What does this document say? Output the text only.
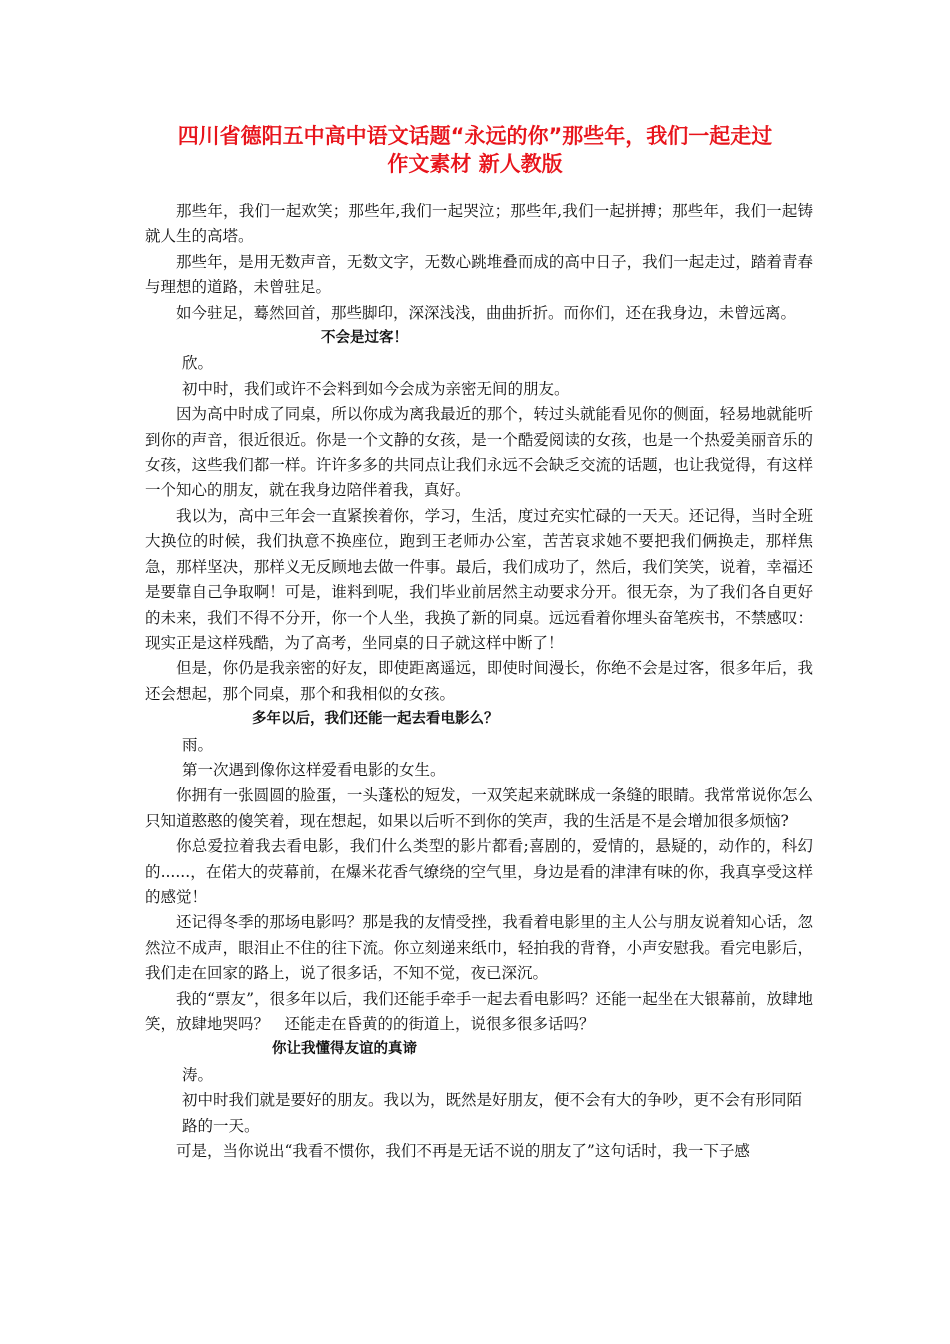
四川省德阳五中高中语文话题“永远的你”那些年，我们一起走过
作文素材 新人教版

那些年，我们一起欢笑；那些年,我们一起哭泣；那些年,我们一起拼搏；那些年，我们一起铸就人生的高塔。

那些年，是用无数声音，无数文字，无数心跳堆叠而成的高中日子，我们一起走过，踏着青春与理想的道路，未曾驻足。

如今驻足，蓦然回首，那些脚印，深深浅浅，曲曲折折。而你们，还在我身边，未曾远离。

不会是过客！

欣。

初中时，我们或许不会料到如今会成为亲密无间的朋友。

因为高中时成了同桌，所以你成为离我最近的那个，转过头就能看见你的侧面，轻易地就能听到你的声音，很近很近。你是一个文静的女孩，是一个酷爱阅读的女孩，也是一个热爱美丽音乐的女孩，这些我们都一样。许许多多的共同点让我们永远不会缺乏交流的话题，也让我觉得，有这样一个知心的朋友，就在我身边陪伴着我，真好。

我以为，高中三年会一直紧挨着你，学习，生活，度过充实忙碌的一天天。还记得，当时全班大换位的时候，我们执意不换座位，跑到王老师办公室，苦苦哀求她不要把我们俩换走，那样焦急，那样坚决，那样义无反顾地去做一件事。最后，我们成功了，然后，我们笑笑，说着，幸福还是要靠自己争取啊！可是，谁料到呢，我们毕业前居然主动要求分开。很无奈，为了我们各自更好的未来，我们不得不分开，你一个人坐，我换了新的同桌。远远看着你埋头奋笔疾书，不禁感叹：现实正是这样残酷，为了高考，坐同桌的日子就这样中断了！

但是，你仍是我亲密的好友，即使距离遥远，即使时间漫长，你绝不会是过客，很多年后，我还会想起，那个同桌，那个和我相似的女孩。

多年以后，我们还能一起去看电影么？

雨。

第一次遇到像你这样爱看电影的女生。

你拥有一张圆圆的脸蛋，一头蓬松的短发，一双笑起来就眯成一条缝的眼睛。我常常说你怎么只知道憨憨的傻笑着，现在想起，如果以后听不到你的笑声，我的生活是不是会增加很多烦恼?

你总爱拉着我去看电影，我们什么类型的影片都看;喜剧的，爱情的，悬疑的，动作的，科幻的......，在偌大的荧幕前，在爆米花香气缭绕的空气里，身边是看的津津有味的你，我真享受这样的感觉！

还记得冬季的那场电影吗？那是我的友情受挫，我看着电影里的主人公与朋友说着知心话，忽然泣不成声，眼泪止不住的往下流。你立刻递来纸巾，轻拍我的背脊，小声安慰我。看完电影后，我们走在回家的路上，说了很多话，不知不觉，夜已深沉。

我的“票友”，很多年以后，我们还能手牵手一起去看电影吗？还能一起坐在大银幕前，放肆地笑，放肆地哭吗？　还能走在昏黄的的街道上，说很多很多话吗？

你让我懂得友谊的真谛

涛。

初中时我们就是要好的朋友。我以为，既然是好朋友，便不会有大的争吵，更不会有形同陌路的一天。

可是，当你说出“我看不惯你，我们不再是无话不说的朋友了”这句话时，我一下子感
